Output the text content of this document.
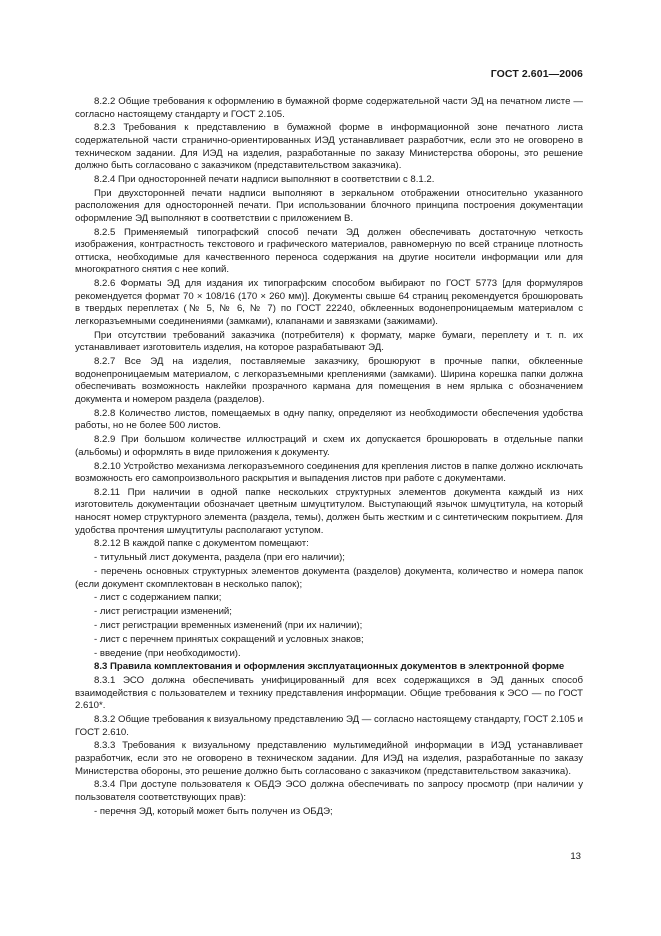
ГОСТ 2.601—2006

8.2.2 Общие требования к оформлению в бумажной форме содержательной части ЭД на печатном листе — согласно настоящему стандарту и ГОСТ 2.105.

8.2.3 Требования к представлению в бумажной форме в информационной зоне печатного листа содержательной части странично-ориентированных ИЭД устанавливает разработчик, если это не оговорено в техническом задании. Для ИЭД на изделия, разработанные по заказу Министерства обороны, это решение должно быть согласовано с заказчиком (представительством заказчика).

8.2.4 При односторонней печати надписи выполняют в соответствии с 8.1.2.

При двухсторонней печати надписи выполняют в зеркальном отображении относительно указанного расположения для односторонней печати. При использовании блочного принципа построения документации оформление ЭД выполняют в соответствии с приложением В.

8.2.5 Применяемый типографский способ печати ЭД должен обеспечивать достаточную четкость изображения, контрастность текстового и графического материалов, равномерную по всей странице плотность оттиска, необходимые для качественного переноса содержания на другие носители информации или для многократного снятия с нее копий.

8.2.6 Форматы ЭД для издания их типографским способом выбирают по ГОСТ 5773 [для формуляров рекомендуется формат 70 × 108/16 (170 × 260 мм)]. Документы свыше 64 страниц рекомендуется брошюровать в твердых переплетах (№ 5, № 6, № 7) по ГОСТ 22240, обклеенных водонепроницаемым материалом с легкоразъемными соединениями (замками), клапанами и завязками (зажимами).

При отсутствии требований заказчика (потребителя) к формату, марке бумаги, переплету и т. п. их устанавливает изготовитель изделия, на которое разрабатывают ЭД.

8.2.7 Все ЭД на изделия, поставляемые заказчику, брошюруют в прочные папки, обклеенные водонепроницаемым материалом, с легкоразъемными креплениями (замками). Ширина корешка папки должна обеспечивать возможность наклейки прозрачного кармана для помещения в нем ярлыка с обозначением документа и номером раздела (разделов).

8.2.8 Количество листов, помещаемых в одну папку, определяют из необходимости обеспечения удобства работы, но не более 500 листов.

8.2.9 При большом количестве иллюстраций и схем их допускается брошюровать в отдельные папки (альбомы) и оформлять в виде приложения к документу.

8.2.10 Устройство механизма легкоразъемного соединения для крепления листов в папке должно исключать возможность его самопроизвольного раскрытия и выпадения листов при работе с документами.

8.2.11 При наличии в одной папке нескольких структурных элементов документа каждый из них изготовитель документации обозначает цветным шмуцтитулом. Выступающий язычок шмуцтитула, на который наносят номер структурного элемента (раздела, темы), должен быть жестким и с синтетическим покрытием. Для удобства прочтения шмуцтитулы располагают уступом.

8.2.12 В каждой папке с документом помещают:

- титульный лист документа, раздела (при его наличии);

- перечень основных структурных элементов документа (разделов) документа, количество и номера папок (если документ скомплектован в несколько папок);

- лист с содержанием папки;

- лист регистрации изменений;

- лист регистрации временных изменений (при их наличии);

- лист с перечнем принятых сокращений и условных знаков;

- введение (при необходимости).

8.3 Правила комплектования и оформления эксплуатационных документов в электронной форме

8.3.1 ЭСО должна обеспечивать унифицированный для всех содержащихся в ЭД данных способ взаимодействия с пользователем и технику представления информации. Общие требования к ЭСО — по ГОСТ 2.610*.

8.3.2 Общие требования к визуальному представлению ЭД — согласно настоящему стандарту, ГОСТ 2.105 и ГОСТ 2.610.

8.3.3 Требования к визуальному представлению мультимедийной информации в ИЭД устанавливает разработчик, если это не оговорено в техническом задании. Для ИЭД на изделия, разработанные по заказу Министерства обороны, это решение должно быть согласовано с заказчиком (представительством заказчика).

8.3.4 При доступе пользователя к ОБДЭ ЭСО должна обеспечивать по запросу просмотр (при наличии у пользователя соответствующих прав):

- перечня ЭД, который может быть получен из ОБДЭ;

13
